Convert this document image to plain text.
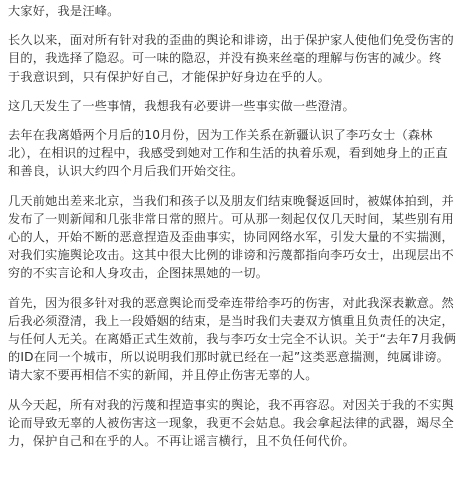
大家好，我是汪峰。

长久以来，面对所有针对我的歪曲的舆论和诽谤，出于保护家人使他们免受伤害的
目的，我选择了隐忍。可一味的隐忍，并没有换来丝毫的理解与伤害的减少。终
于我意识到，只有保护好自己，才能保护好身边在乎的人。

这几天发生了一些事情，我想我有必要讲一些事实做一些澄清。

去年在我离婚两个月后的10月份，因为工作关系在新疆认识了李巧女士（森林
北），在相识的过程中，我感受到她对工作和生活的执着乐观，看到她身上的正直
和善良，认识大约四个月后我们开始交往。

几天前她出差来北京，当我们和孩子以及朋友们结束晚餐返回时，被媒体拍到，并
发布了一则新闻和几张非常日常的照片。可从那一刻起仅仅几天时间，某些别有用
心的人，开始不断的恶意捏造及歪曲事实，协同网络水军，引发大量的不实揣测，
对我们实施舆论攻击。这其中很大比例的诽谤和污蔑都指向李巧女士，出现层出不
穷的不实言论和人身攻击，企图抹黑她的一切。

首先，因为很多针对我的恶意舆论而受牵连带给李巧的伤害，对此我深表歉意。然
后我必须澄清，我上一段婚姻的结束，是当时我们夫妻双方慎重且负责任的决定，
与任何人无关。在离婚正式生效前，我与李巧女士完全不认识。关于“去年7月我俩
的ID在同一个城市，所以说明我们那时就已经在一起”这类恶意揣测，纯属诽谤。
请大家不要再相信不实的新闻，并且停止伤害无辜的人。

从今天起，所有对我的污蔑和捏造事实的舆论，我不再容忍。对因关于我的不实舆
论而导致无辜的人被伤害这一现象，我更不会姑息。我会拿起法律的武器，竭尽全
力，保护自己和在乎的人。不再让谣言横行，且不负任何代价。
